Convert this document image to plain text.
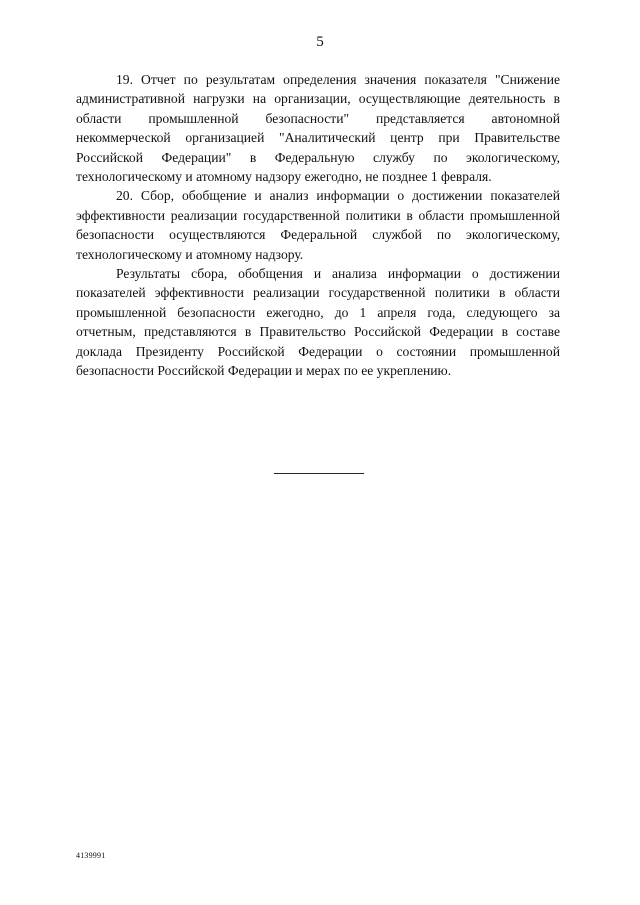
5

19. Отчет по результатам определения значения показателя "Снижение административной нагрузки на организации, осуществляющие деятельность в области промышленной безопасности" представляется автономной некоммерческой организацией "Аналитический центр при Правительстве Российской Федерации" в Федеральную службу по экологическому, технологическому и атомному надзору ежегодно, не позднее 1 февраля.

20. Сбор, обобщение и анализ информации о достижении показателей эффективности реализации государственной политики в области промышленной безопасности осуществляются Федеральной службой по экологическому, технологическому и атомному надзору.

Результаты сбора, обобщения и анализа информации о достижении показателей эффективности реализации государственной политики в области промышленной безопасности ежегодно, до 1 апреля года, следующего за отчетным, представляются в Правительство Российской Федерации в составе доклада Президенту Российской Федерации о состоянии промышленной безопасности Российской Федерации и мерах по ее укреплению.

4139991
